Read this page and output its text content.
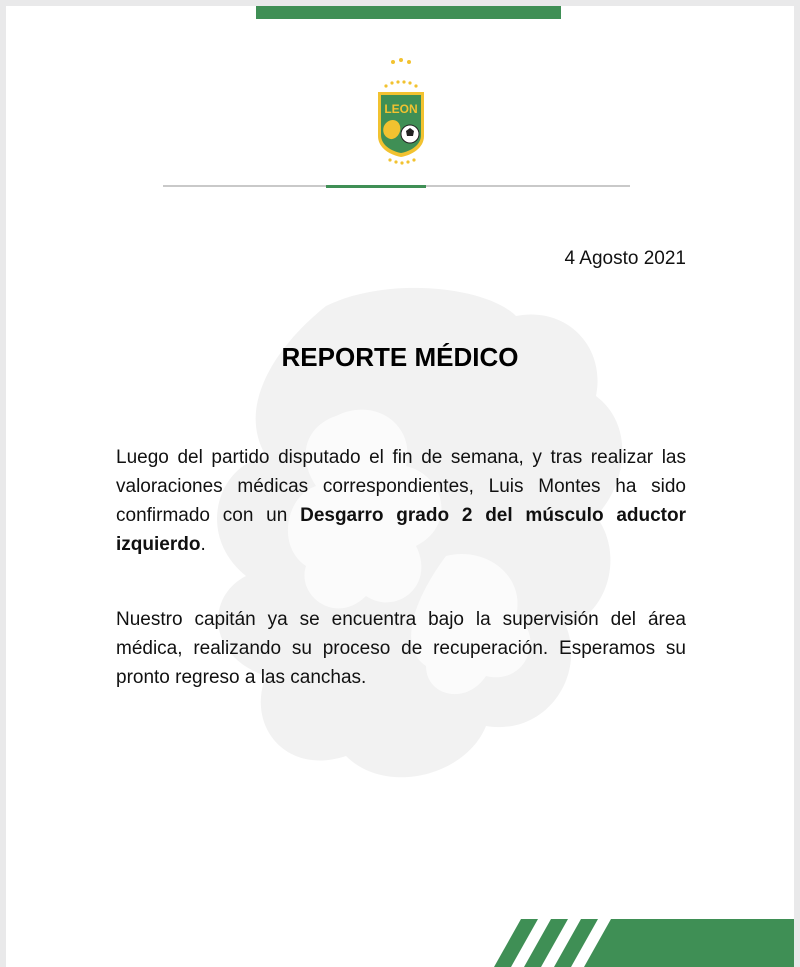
LEON
4 Agosto 2021
REPORTE MÉDICO

Luego del partido disputado el fin de semana, y tras realizar las valoraciones médicas correspondientes, Luis Montes ha sido confirmado con un Desgarro grado 2 del músculo aductor izquierdo.

Nuestro capitán ya se encuentra bajo la supervisión del área médica, realizando su proceso de recuperación. Esperamos su pronto regreso a las canchas.
